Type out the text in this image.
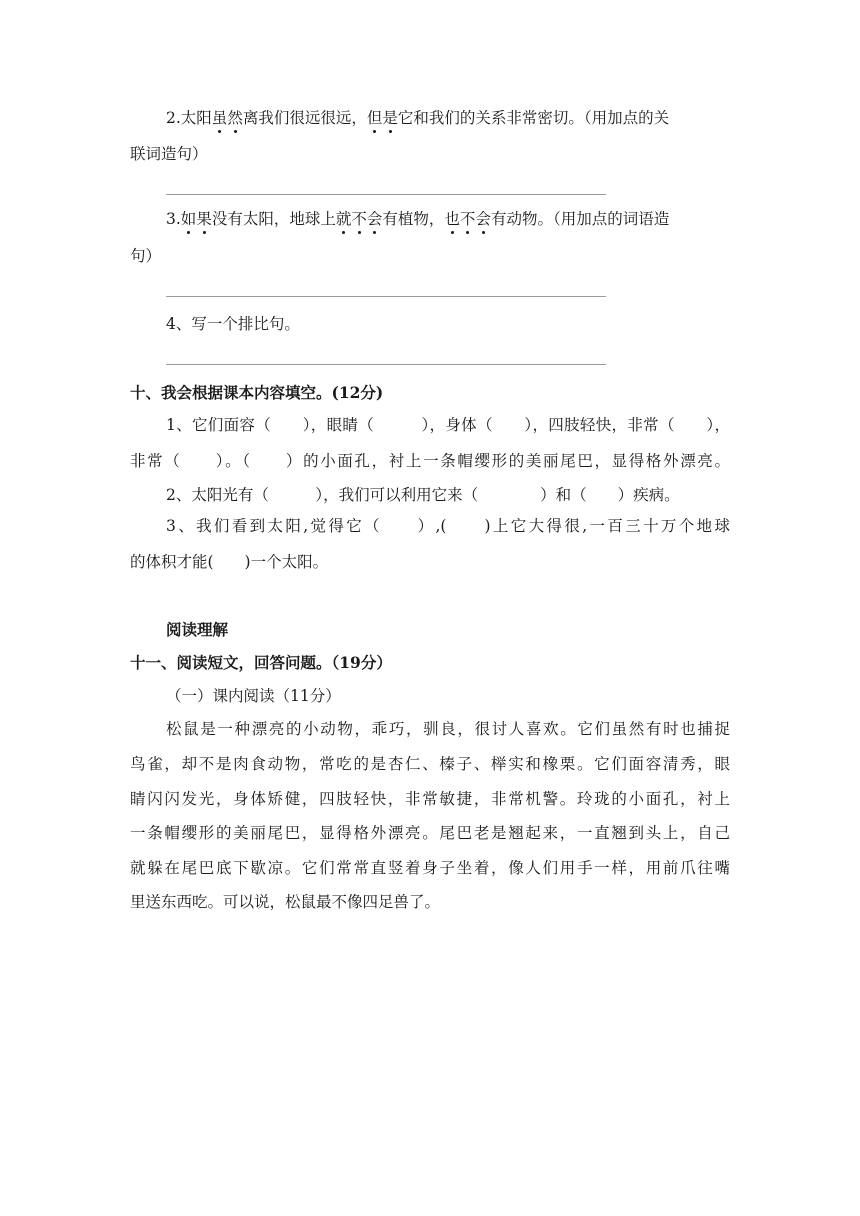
2.太阳虽然离我们很远很远，但是它和我们的关系非常密切。（用加点的关
联词造句）
3.如果没有太阳，地球上就不会有植物，也不会有动物。（用加点的词语造
句）
4、写一个排比句。
十、我会根据课本内容填空。(12分)
1、它们面容（　　），眼睛（　　　），身体（　　），四肢轻快，非常（　　），
非常（　　）。（　　）的小面孔，衬上一条帽缨形的美丽尾巴，显得格外漂亮。
2、太阳光有（　　　），我们可以利用它来（　　　　）和（　　）疾病。
3、我们看到太阳,觉得它（　　）,(　　)上它大得很,一百三十万个地球
的体积才能(　　)一个太阳。
阅读理解
十一、阅读短文，回答问题。（19分）
（一）课内阅读（11分）
松鼠是一种漂亮的小动物，乖巧，驯良，很讨人喜欢。它们虽然有时也捕捉
鸟雀，却不是肉食动物，常吃的是杏仁、榛子、榉实和橡栗。它们面容清秀，眼
睛闪闪发光，身体矫健，四肢轻快，非常敏捷，非常机警。玲珑的小面孔，衬上
一条帽缨形的美丽尾巴，显得格外漂亮。尾巴老是翘起来，一直翘到头上，自己
就躲在尾巴底下歇凉。它们常常直竖着身子坐着，像人们用手一样，用前爪往嘴
里送东西吃。可以说，松鼠最不像四足兽了。
